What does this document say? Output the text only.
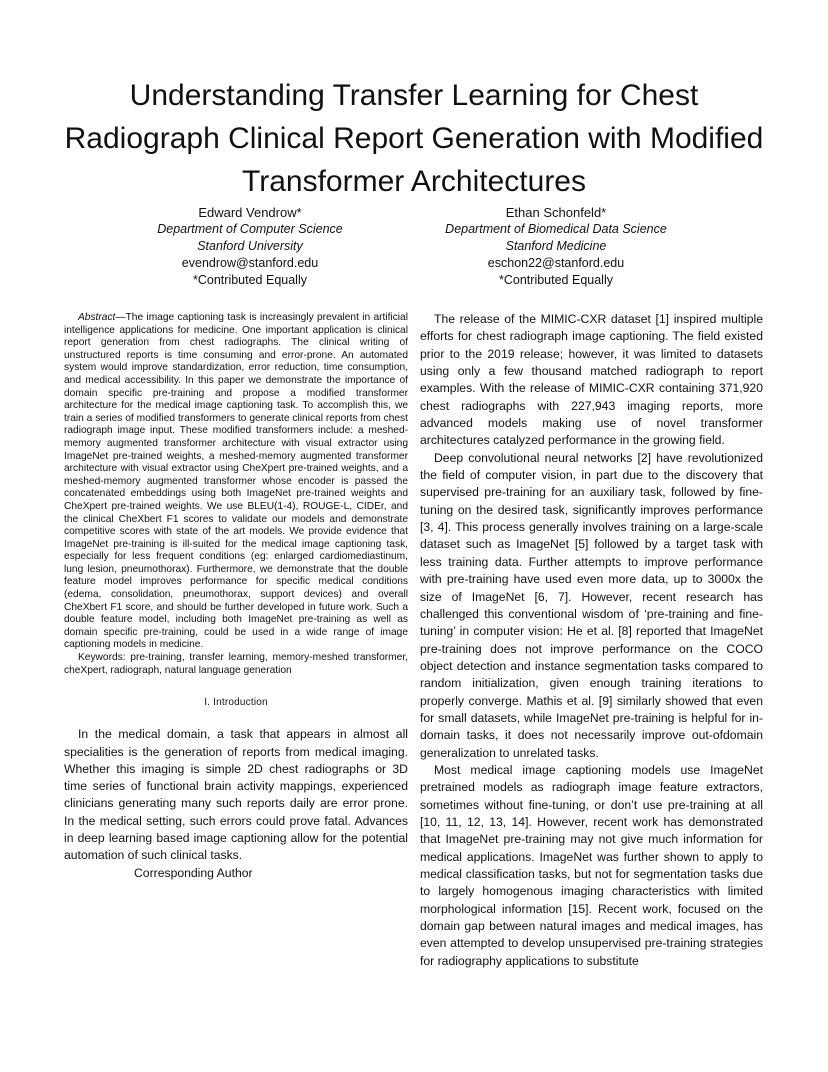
Understanding Transfer Learning for Chest Radiograph Clinical Report Generation with Modified Transformer Architectures
Edward Vendrow*
Department of Computer Science
Stanford University
evendrow@stanford.edu
*Contributed Equally
Ethan Schonfeld*
Department of Biomedical Data Science
Stanford Medicine
eschon22@stanford.edu
*Contributed Equally

Abstract—The image captioning task is increasingly prevalent in artificial intelligence applications for medicine. One important application is clinical report generation from chest radiographs. The clinical writing of unstructured reports is time consuming and error-prone. An automated system would improve standardization, error reduction, time consumption, and medical accessibility. In this paper we demonstrate the importance of domain specific pre-training and propose a modified transformer architecture for the medical image captioning task. To accomplish this, we train a series of modified transformers to generate clinical reports from chest radiograph image input. These modified transformers include: a meshed-memory augmented transformer architecture with visual extractor using ImageNet pre-trained weights, a meshed-memory augmented transformer architecture with visual extractor using CheXpert pre-trained weights, and a meshed-memory augmented transformer whose encoder is passed the concatenated embeddings using both ImageNet pre-trained weights and CheXpert pre-trained weights. We use BLEU(1-4), ROUGE-L, CIDEr, and the clinical CheXbert F1 scores to validate our models and demonstrate competitive scores with state of the art models. We provide evidence that ImageNet pre-training is ill-suited for the medical image captioning task, especially for less frequent conditions (eg: enlarged cardiomediastinum, lung lesion, pneumothorax). Furthermore, we demonstrate that the double feature model improves performance for specific medical conditions (edema, consolidation, pneumothorax, support devices) and overall CheXbert F1 score, and should be further developed in future work. Such a double feature model, including both ImageNet pre-training as well as domain specific pre-training, could be used in a wide range of image captioning models in medicine.

Keywords: pre-training, transfer learning, memory-meshed transformer, cheXpert, radiograph, natural language generation

I. Introduction

In the medical domain, a task that appears in almost all specialities is the generation of reports from medical imaging. Whether this imaging is simple 2D chest radiographs or 3D time series of functional brain activity mappings, experienced clinicians generating many such reports daily are error prone. In the medical setting, such errors could prove fatal. Advances in deep learning based image captioning allow for the potential automation of such clinical tasks.

Corresponding Author

The release of the MIMIC-CXR dataset [1] inspired multiple efforts for chest radiograph image captioning. The field existed prior to the 2019 release; however, it was limited to datasets using only a few thousand matched radiograph to report examples. With the release of MIMIC-CXR containing 371,920 chest radiographs with 227,943 imaging reports, more advanced models making use of novel transformer architectures catalyzed performance in the growing field.

Deep convolutional neural networks [2] have revolutionized the field of computer vision, in part due to the discovery that supervised pre-training for an auxiliary task, followed by fine-tuning on the desired task, significantly improves performance [3, 4]. This process generally involves training on a large-scale dataset such as ImageNet [5] followed by a target task with less training data. Further attempts to improve performance with pre-training have used even more data, up to 3000x the size of ImageNet [6, 7]. However, recent research has challenged this conventional wisdom of ‘pre-training and fine-tuning’ in computer vision: He et al. [8] reported that ImageNet pre-training does not improve performance on the COCO object detection and instance segmentation tasks compared to random initialization, given enough training iterations to properly converge. Mathis et al. [9] similarly showed that even for small datasets, while ImageNet pre-training is helpful for in-domain tasks, it does not necessarily improve out-ofdomain generalization to unrelated tasks.

Most medical image captioning models use ImageNet pretrained models as radiograph image feature extractors, sometimes without fine-tuning, or don’t use pre-training at all [10, 11, 12, 13, 14]. However, recent work has demonstrated that ImageNet pre-training may not give much information for medical applications. ImageNet was further shown to apply to medical classification tasks, but not for segmentation tasks due to largely homogenous imaging characteristics with limited morphological information [15]. Recent work, focused on the domain gap between natural images and medical images, has even attempted to develop unsupervised pre-training strategies for radiography applications to substitute
